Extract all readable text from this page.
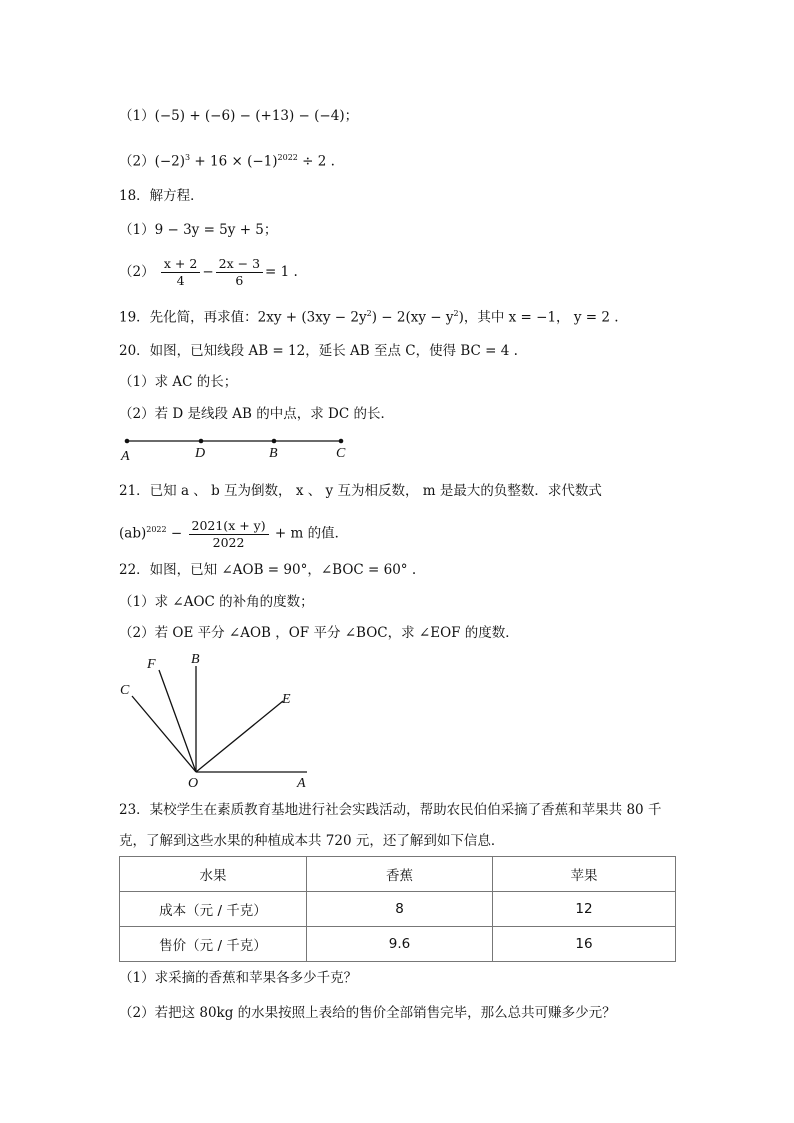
（1）(−5) + (−6) − (+13) − (−4)；
$(2)(-2)^3 + 16 \times (-1)^{2022} \div 2$ .
18．解方程．
（1）9 − 3y = 5y + 5；
$(2) \frac{x + 2}{4} - \frac{2x - 3}{6} = 1$ .
19．先化简，再求值：$2xy + (3xy - 2y^2) - 2(xy - y^2)$，其中 x = −1， y = 2 .
20．如图，已知线段 AB = 12，延长 AB 至点 C，使得 BC = 4 .
（1）求 AC 的长；
（2）若 D 是线段 AB 的中点，求 DC 的长．
A	D	B	C
21．已知 a 、 b 互为倒数， x 、 y 互为相反数， m 是最大的负整数．求代数式
$(ab)^{2022} - \frac{2021(x + y)}{2022} + m$ 的值．
22．如图，已知 ∠AOB = 90°，∠BOC = 60° .
（1）求 ∠AOC 的补角的度数；
（2）若 OE 平分 ∠AOB ，OF 平分 ∠BOC，求 ∠EOF 的度数．
O	A
B
C
E
F
23．某校学生在素质教育基地进行社会实践活动，帮助农民伯伯采摘了香蕉和苹果共 80 千
克，了解到这些水果的种植成本共 720 元，还了解到如下信息．
水果	香蕉	苹果
成本（元 / 千克）	8	12
售价（元 / 千克）	9.6	16
（1）求采摘的香蕉和苹果各多少千克？
（2）若把这 80kg 的水果按照上表给的售价全部销售完毕，那么总共可赚多少元？
